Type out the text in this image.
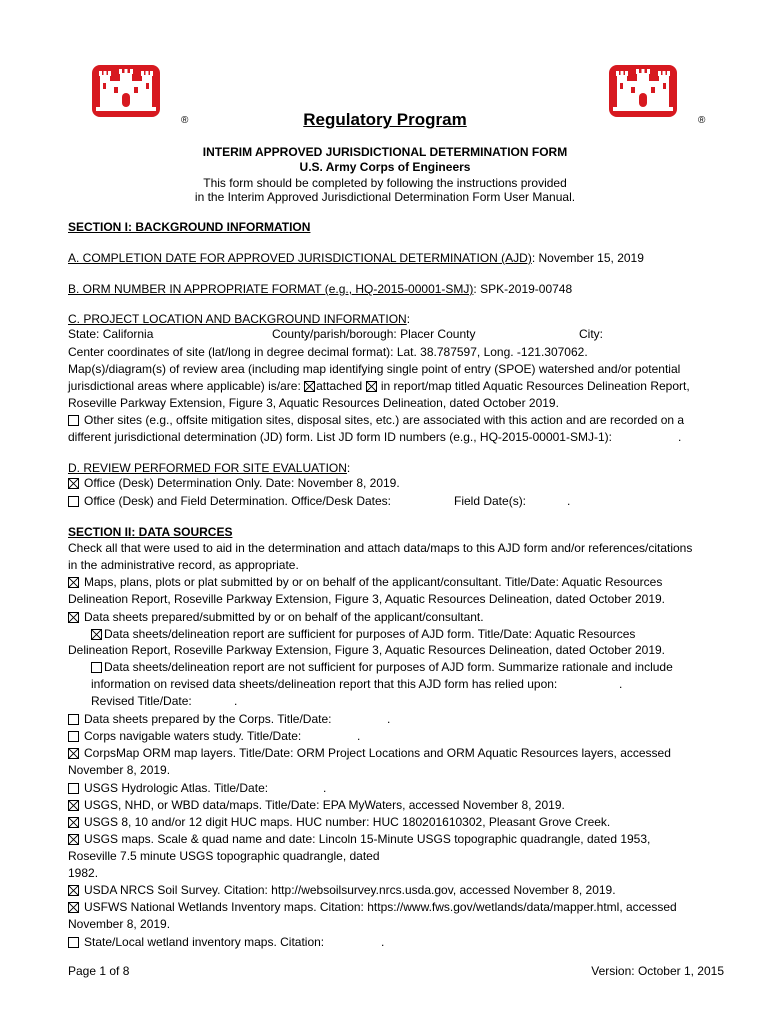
®	®
Regulatory Program
INTERIM APPROVED JURISDICTIONAL DETERMINATION FORM
U.S. Army Corps of Engineers
This form should be completed by following the instructions provided
in the Interim Approved Jurisdictional Determination Form User Manual.
SECTION I: BACKGROUND INFORMATION
A. COMPLETION DATE FOR APPROVED JURISDICTIONAL DETERMINATION (AJD): November 15, 2019
B. ORM NUMBER IN APPROPRIATE FORMAT (e.g., HQ-2015-00001-SMJ): SPK-2019-00748
C. PROJECT LOCATION AND BACKGROUND INFORMATION:
State: California	County/parish/borough: Placer County	City:
Center coordinates of site (lat/long in degree decimal format): Lat. 38.787597, Long. -121.307062.
Map(s)/diagram(s) of review area (including map identifying single point of entry (SPOE) watershed and/or potential
jurisdictional areas where applicable) is/are:
attached
in report/map titled Aquatic Resources Delineation Report,
Roseville Parkway Extension, Figure 3, Aquatic Resources Delineation, dated October 2019.
Other sites (e.g., offsite mitigation sites, disposal sites, etc.) are associated with this action and are recorded on a
different jurisdictional determination (JD) form. List JD form ID numbers (e.g., HQ-2015-00001-SMJ-1):	.
D. REVIEW PERFORMED FOR SITE EVALUATION:
Office (Desk) Determination Only. Date: November 8, 2019.
Office (Desk) and Field Determination. Office/Desk Dates:	Field Date(s):	.
SECTION II: DATA SOURCES
Check all that were used to aid in the determination and attach data/maps to this AJD form and/or references/citations
in the administrative record, as appropriate.
Maps, plans, plots or plat submitted by or on behalf of the applicant/consultant. Title/Date: Aquatic Resources
Delineation Report, Roseville Parkway Extension, Figure 3, Aquatic Resources Delineation, dated October 2019.
Data sheets prepared/submitted by or on behalf of the applicant/consultant.
Data sheets/delineation report are sufficient for purposes of AJD form. Title/Date: Aquatic Resources
Delineation Report, Roseville Parkway Extension, Figure 3, Aquatic Resources Delineation, dated October 2019.
Data sheets/delineation report are not sufficient for purposes of AJD form. Summarize rationale and include
information on revised data sheets/delineation report that this AJD form has relied upon:	.
Revised Title/Date:	.
Data sheets prepared by the Corps. Title/Date:	.
Corps navigable waters study. Title/Date:	.
CorpsMap ORM map layers. Title/Date: ORM Project Locations and ORM Aquatic Resources layers, accessed
November 8, 2019.
USGS Hydrologic Atlas. Title/Date:	.
USGS, NHD, or WBD data/maps. Title/Date: EPA MyWaters, accessed November 8, 2019.
USGS 8, 10 and/or 12 digit HUC maps. HUC number: HUC 180201610302, Pleasant Grove Creek.
USGS maps. Scale & quad name and date: Lincoln 15-Minute USGS topographic quadrangle, dated 1953,
Roseville 7.5 minute USGS topographic quadrangle, dated
1982.
USDA NRCS Soil Survey. Citation: http://websoilsurvey.nrcs.usda.gov, accessed November 8, 2019.
USFWS National Wetlands Inventory maps. Citation: https://www.fws.gov/wetlands/data/mapper.html, accessed
November 8, 2019.
State/Local wetland inventory maps. Citation:	.
Page 1 of 8	Version: October 1, 2015
